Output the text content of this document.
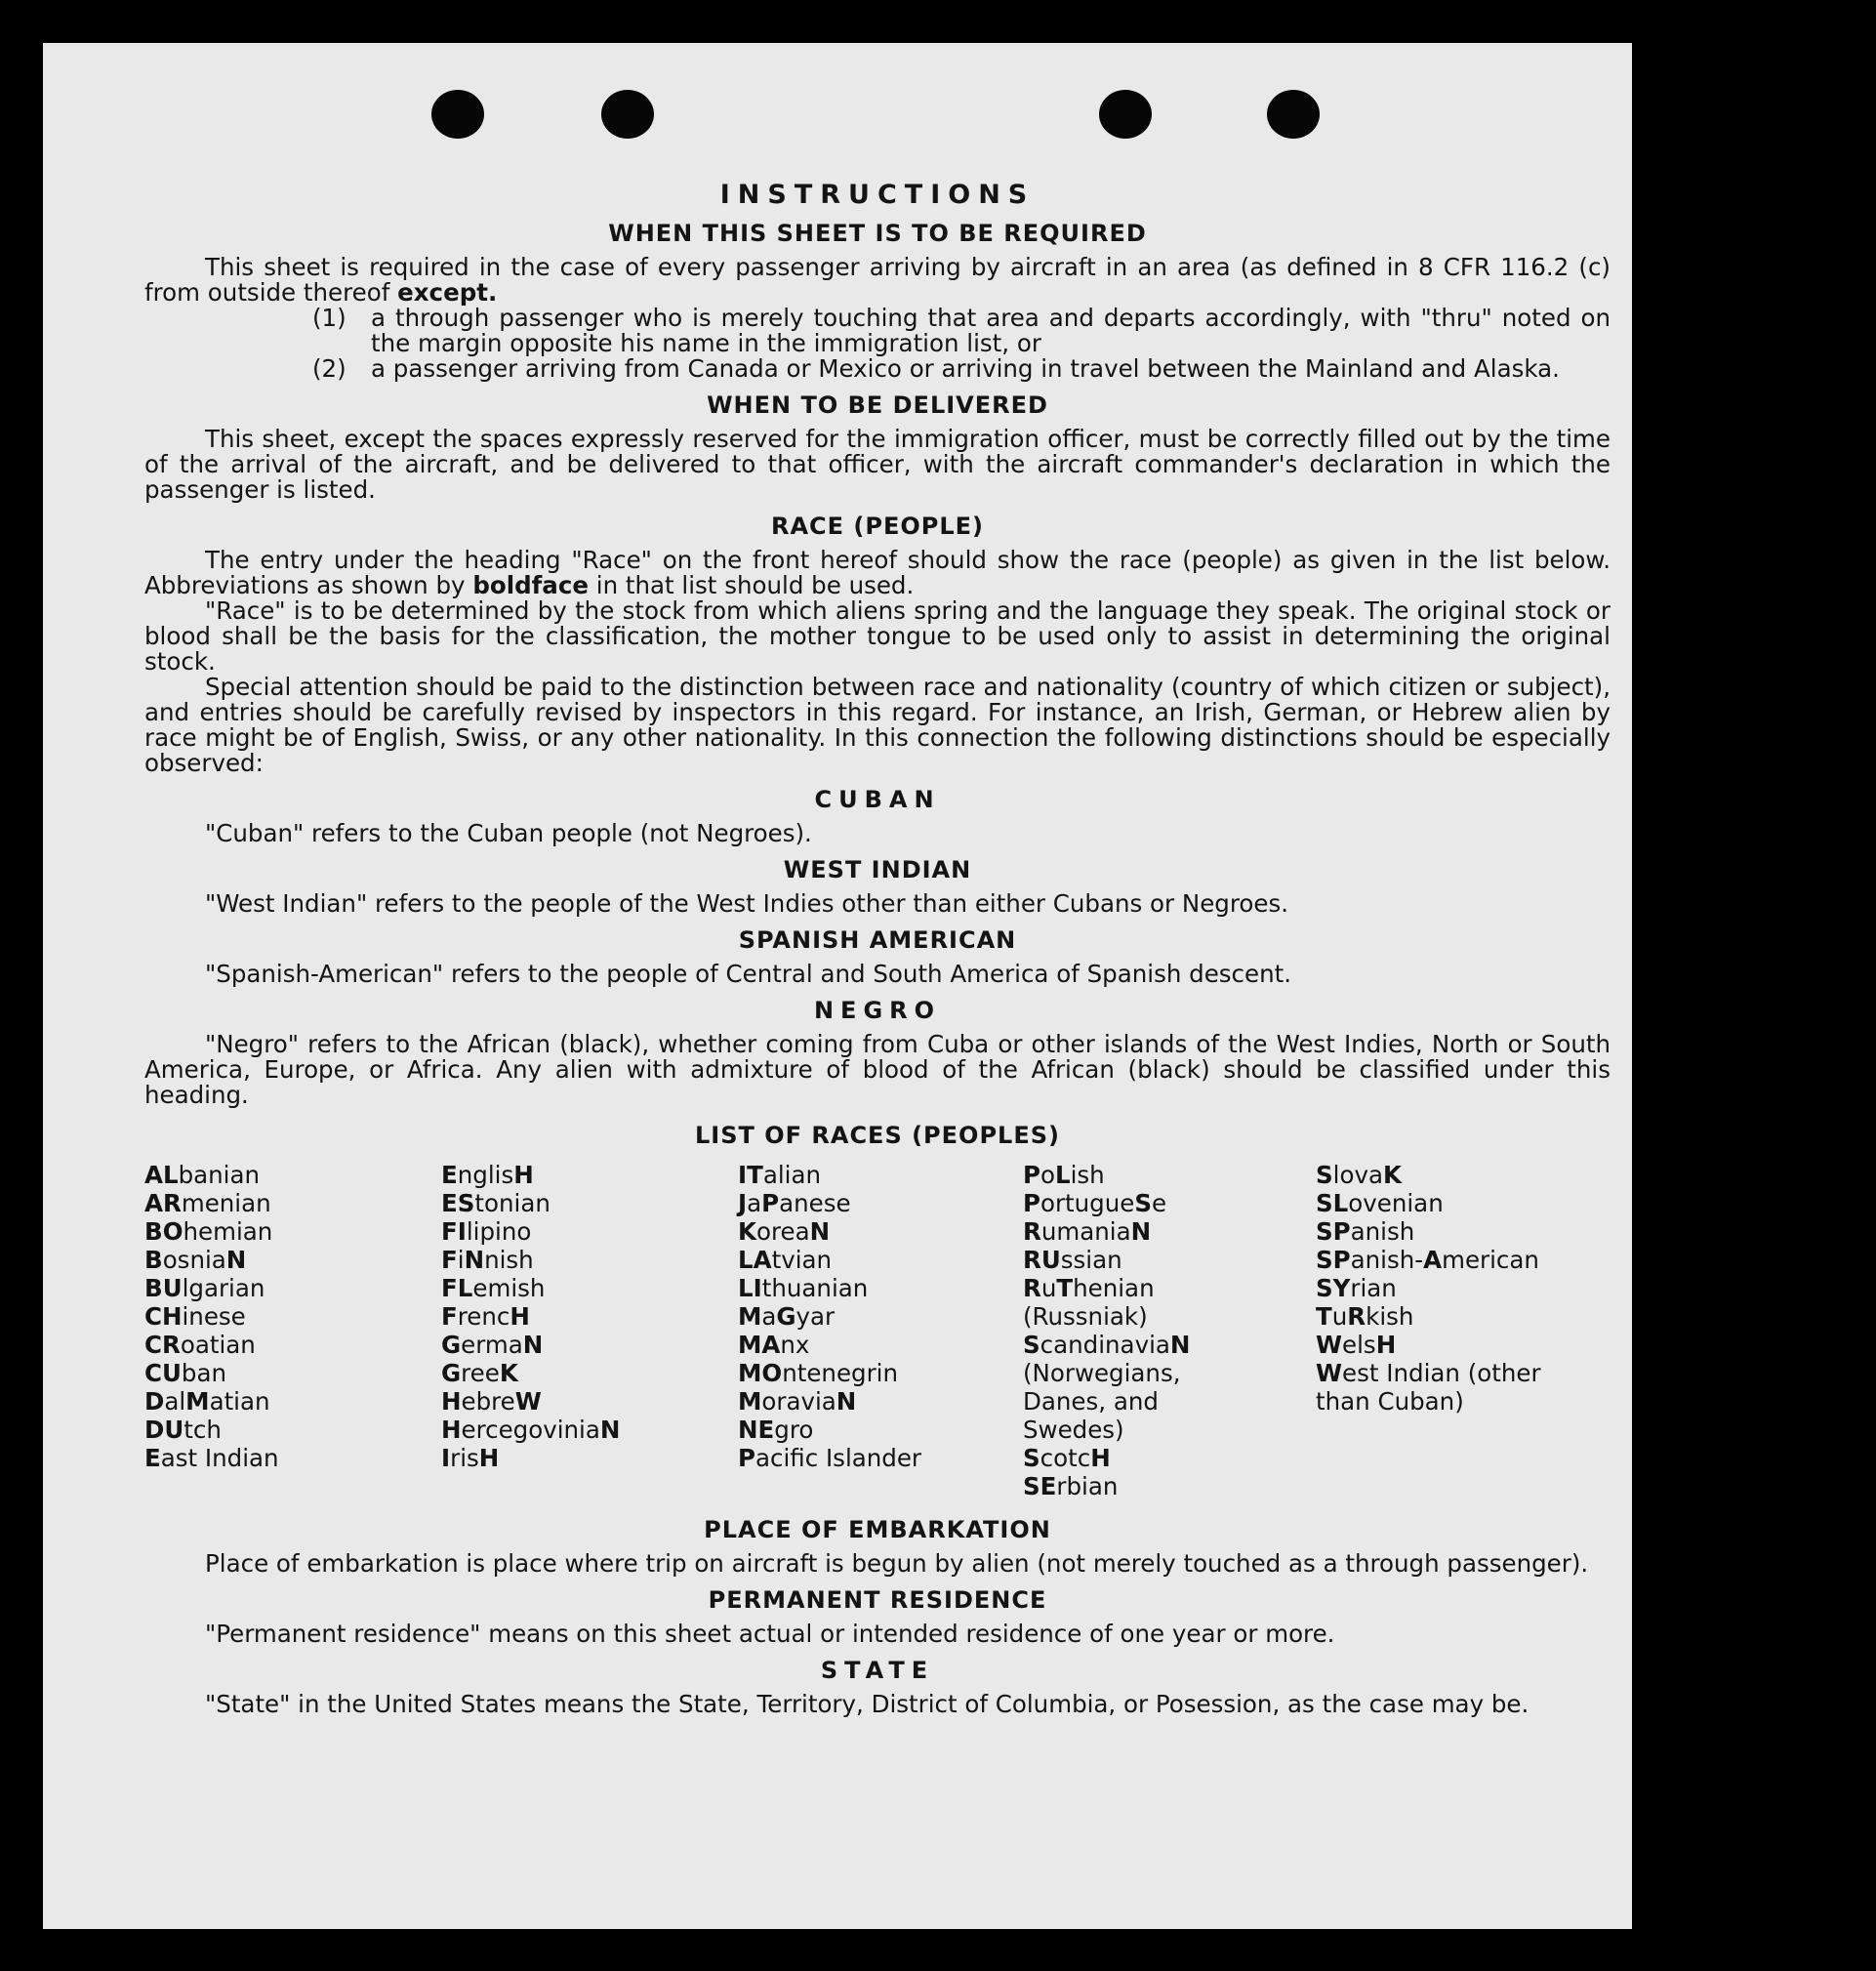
INSTRUCTIONS
WHEN THIS SHEET IS TO BE REQUIRED

This sheet is required in the case of every passenger arriving by aircraft in an area (as defined in 8 CFR 116.2 (c) from outside thereof except.

(1)	a through passenger who is merely touching that area and departs accordingly, with "thru" noted on the margin opposite his name in the immigration list, or
(2)	a passenger arriving from Canada or Mexico or arriving in travel between the Mainland and Alaska.
WHEN TO BE DELIVERED

This sheet, except the spaces expressly reserved for the immigration officer, must be correctly filled out by the time of the arrival of the aircraft, and be delivered to that officer, with the aircraft commander's declaration in which the passenger is listed.

RACE (PEOPLE)

The entry under the heading "Race" on the front hereof should show the race (people) as given in the list below. Abbreviations as shown by boldface in that list should be used.

"Race" is to be determined by the stock from which aliens spring and the language they speak. The original stock or blood shall be the basis for the classification, the mother tongue to be used only to assist in determining the original stock.

Special attention should be paid to the distinction between race and nationality (country of which citizen or subject), and entries should be carefully revised by inspectors in this regard. For instance, an Irish, German, or Hebrew alien by race might be of English, Swiss, or any other nationality. In this connection the following distinctions should be especially observed:

CUBAN
"Cuban" refers to the Cuban people (not Negroes).
WEST INDIAN
"West Indian" refers to the people of the West Indies other than either Cubans or Negroes.
SPANISH AMERICAN
"Spanish-American" refers to the people of Central and South America of Spanish descent.
NEGRO

"Negro" refers to the African (black), whether coming from Cuba or other islands of the West Indies, North or South America, Europe, or Africa. Any alien with admixture of blood of the African (black) should be classified under this heading.

LIST OF RACES (PEOPLES)
ALbanian
ARmenian
BOhemian
BosniaN
BUlgarian
CHinese
CRoatian
CUban
DalMatian
DUtch
East Indian
EnglisH
EStonian
FIlipino
FiNnish
FLemish
FrencH
GermaN
GreeK
HebreW
HercegoviniaN
IrisH
ITalian
JaPanese
KoreaN
LAtvian
LIthuanian
MaGyar
MAnx
MOntenegrin
MoraviaN
NEgro
Pacific Islander
PoLish
PortugueSe
RumaniaN
RUssian
RuThenian (Russniak)
ScandinaviaN (Norwegians, Danes, and Swedes)
ScotcH
SErbian
SlovaK
SLovenian
SPanish
SPanish-American
SYrian
TuRkish
WelsH
West Indian (other than Cuban)
PLACE OF EMBARKATION

Place of embarkation is place where trip on aircraft is begun by alien (not merely touched as a through passenger).

PERMANENT RESIDENCE
"Permanent residence" means on this sheet actual or intended residence of one year or more.
STATE

"State" in the United States means the State, Territory, District of Columbia, or Posession, as the case may be.
